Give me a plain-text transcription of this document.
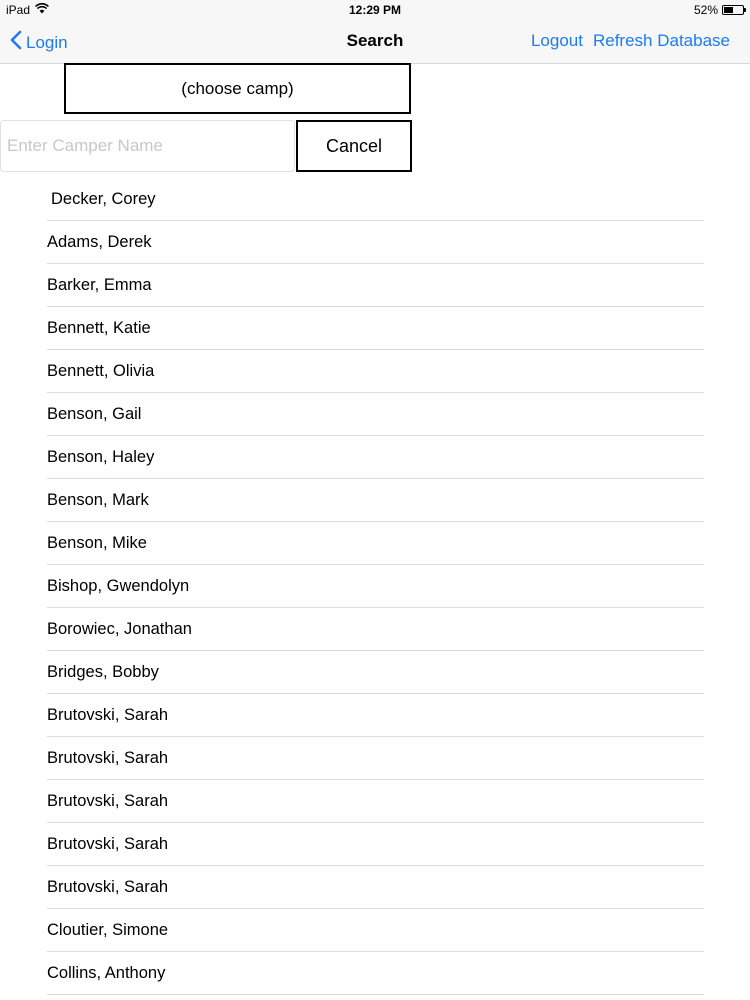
iPad	12:29 PM	52%
Login	Search	Logout Refresh Database
(choose camp)
Enter Camper Name
Cancel
Decker, Corey
Adams, Derek
Barker, Emma
Bennett, Katie
Bennett, Olivia
Benson, Gail
Benson, Haley
Benson, Mark
Benson, Mike
Bishop, Gwendolyn
Borowiec, Jonathan
Bridges, Bobby
Brutovski, Sarah
Brutovski, Sarah
Brutovski, Sarah
Brutovski, Sarah
Brutovski, Sarah
Cloutier, Simone
Collins, Anthony
